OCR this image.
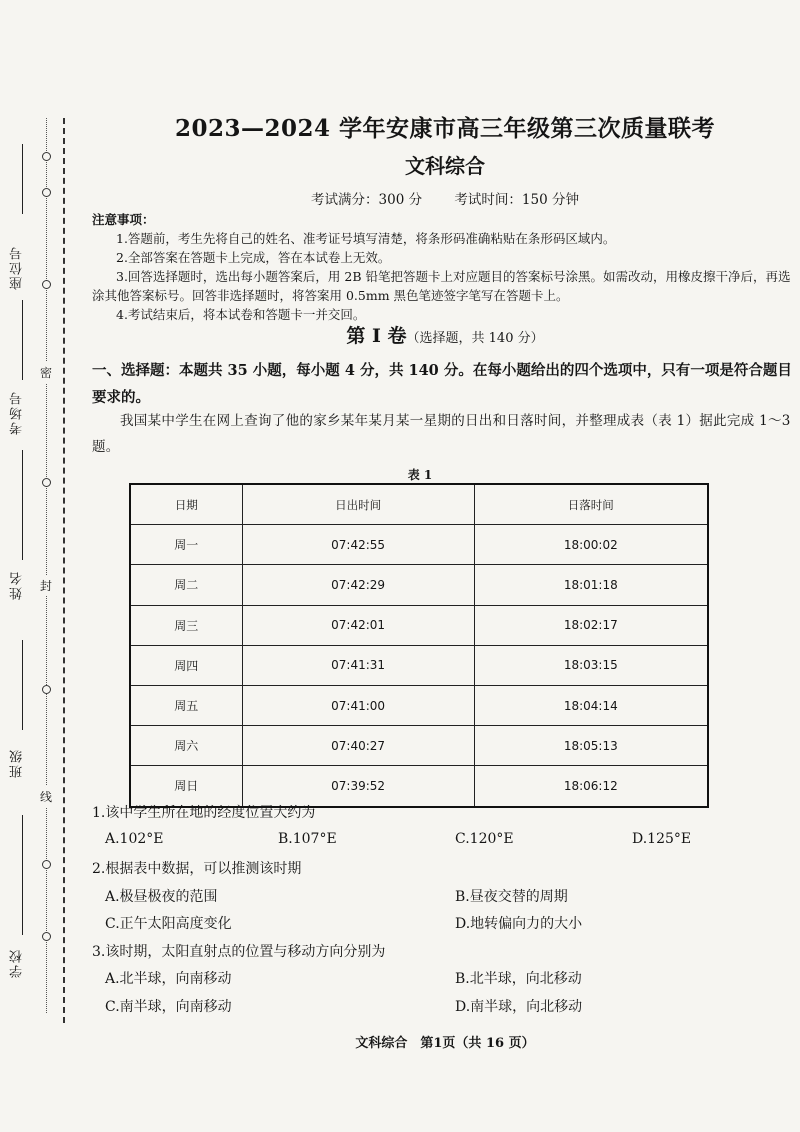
座位号
考场号
姓名
班级
学校
密
封
线
2023—2024 学年安康市高三年级第三次质量联考
文科综合
考试满分：300 分 考试时间：150 分钟
注意事项：
1.答题前，考生先将自己的姓名、准考证号填写清楚，将条形码准确粘贴在条形码区域内。
2.全部答案在答题卡上完成，答在本试卷上无效。
3.回答选择题时，选出每小题答案后，用 2B 铅笔把答题卡上对应题目的答案标号涂黑。如需改动，用橡皮擦干净后，再选涂其他答案标号。回答非选择题时，将答案用 0.5mm 黑色笔迹签字笔写在答题卡上。
4.考试结束后，将本试卷和答题卡一并交回。
第 I 卷（选择题，共 140 分）
一、选择题：本题共 35 小题，每小题 4 分，共 140 分。在每小题给出的四个选项中，只有一项是符合题目要求的。
我国某中学生在网上查询了他的家乡某年某月某一星期的日出和日落时间，并整理成表（表 1）据此完成 1～3 题。
表 1
日期	日出时间	日落时间
周一	07:42:55	18:00:02
周二	07:42:29	18:01:18
周三	07:42:01	18:02:17
周四	07:41:31	18:03:15
周五	07:41:00	18:04:14
周六	07:40:27	18:05:13
周日	07:39:52	18:06:12
1.该中学生所在地的经度位置大约为
A.102°E	B.107°E	C.120°E	D.125°E
2.根据表中数据，可以推测该时期
A.极昼极夜的范围	B.昼夜交替的周期
C.正午太阳高度变化	D.地转偏向力的大小
3.该时期，太阳直射点的位置与移动方向分别为
A.北半球，向南移动	B.北半球，向北移动
C.南半球，向南移动	D.南半球，向北移动
文科综合　第1页（共 16 页）
